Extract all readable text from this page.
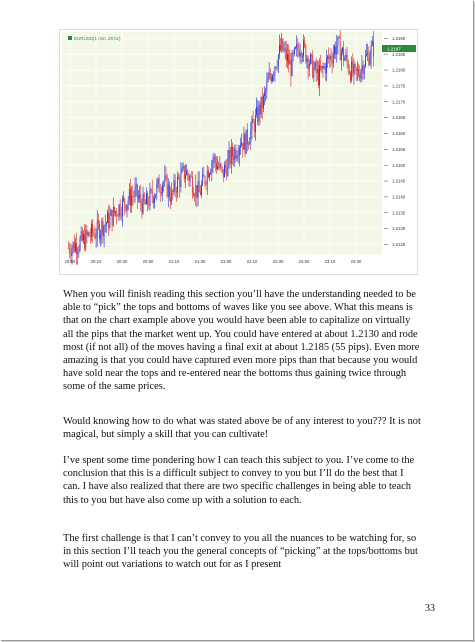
1.2190
1.2185
1.2180
1.2175
1.2170
1.2165
1.2160
1.2155
1.2150
1.2145
1.2140
1.2135
1.2130
1.2125
19:50	20:10	20:30	20:50	21:10	21:30	21:50	22:10	22:30	22:50	23:10	23:30
EURUSD(1 min, 29 bc)
1.2187

When you will finish reading this section you’ll have the understanding needed to be able to “pick” the tops and bottoms of waves like you see above. What this means is that on the chart example above you would have been able to capitalize on virtually all the pips that the market went up. You could have entered at about 1.2130 and rode most (if not all) of the moves having a final exit at about 1.2185 (55 pips). Even more amazing is that you could have captured even more pips than that because you would have sold near the tops and re-entered near the bottoms thus gaining twice through some of the same prices.

Would knowing how to do what was stated above be of any interest to you??? It is not magical, but simply a skill that you can cultivate!

I’ve spent some time pondering how I can teach this subject to you. I’ve come to the conclusion that this is a difficult subject to convey to you but I’ll do the best that I can. I have also realized that there are two specific challenges in being able to teach this to you but have also come up with a solution to each.

The first challenge is that I can’t convey to you all the nuances to be watching for, so in this section I’ll teach you the general concepts of “picking” at the tops/bottoms but will point out variations to watch out for as I present

33
